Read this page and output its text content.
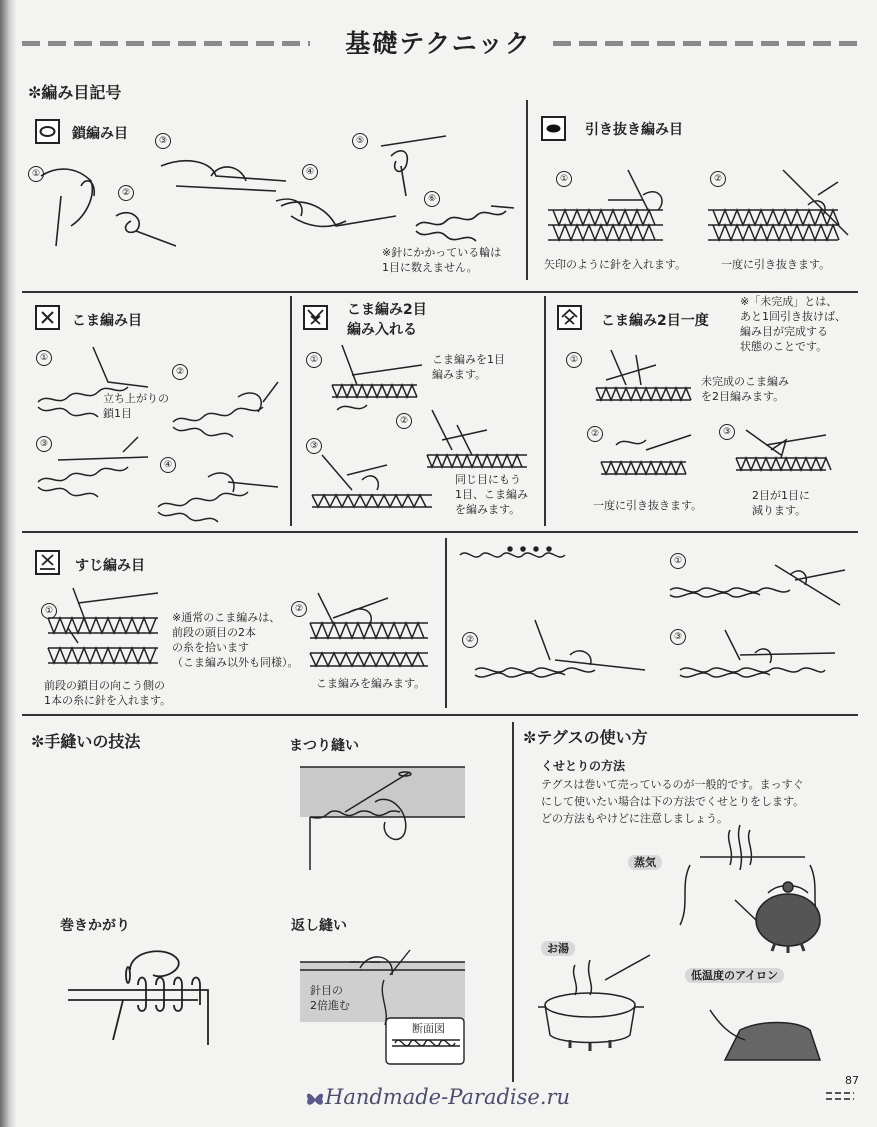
基礎テクニック
✼編み目記号
鎖編み目
①
②
③
④
⑤
⑥
※針にかかっている輪は
1目に数えません。
引き抜き編み目
①	②
矢印のように針を入れます。	一度に引き抜きます。
こま編み目
①
②
③
④
立ち上がりの
鎖1目
こま編み2目
編み入れる
①
②
③
こま編みを1目
編みます。
同じ目にもう
1目、こま編み
を編みます。
こま編み2目一度
※「未完成」とは、
あと1回引き抜けば、
編み目が完成する
状態のことです。
①
②	③
未完成のこま編み
を2目編みます。
一度に引き抜きます。
2目が1目に
減ります。
すじ編み目
①	②
※通常のこま編みは、
前段の頭目の2本
の糸を拾います
（こま編み以外も同様）。
前段の鎖目の向こう側の
1本の糸に針を入れます。
こま編みを編みます。
①
②	③
✼手縫いの技法	まつり縫い
巻きかがり	返し縫い
針目の
2倍進む
断面図
✼テグスの使い方
くせとりの方法
テグスは巻いて売っているのが一般的です。まっすぐ
にして使いたい場合は下の方法でくせとりをします。
どの方法もやけどに注意しましょう。
蒸気
お湯
低温度のアイロン
87
Handmade-Paradise.ru
